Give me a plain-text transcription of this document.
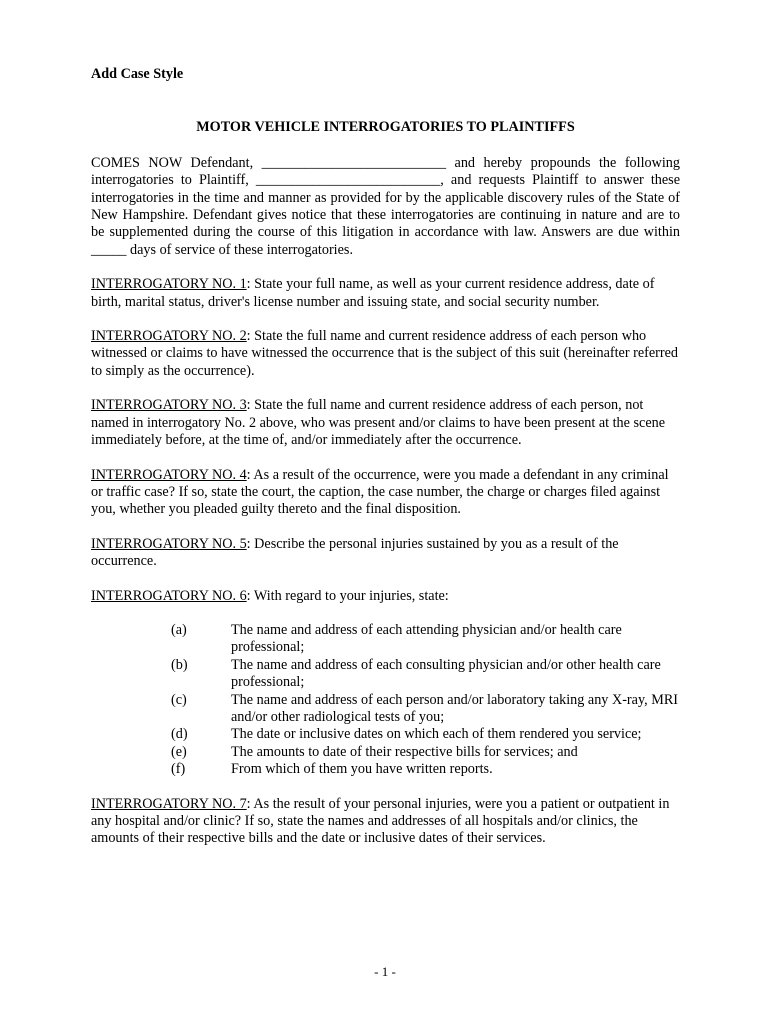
Add Case Style

MOTOR VEHICLE INTERROGATORIES TO PLAINTIFFS

COMES NOW Defendant, __________________________ and hereby propounds the following interrogatories to Plaintiff, __________________________, and requests Plaintiff to answer these interrogatories in the time and manner as provided for by the applicable discovery rules of the State of New Hampshire. Defendant gives notice that these interrogatories are continuing in nature and are to be supplemented during the course of this litigation in accordance with law. Answers are due within _____ days of service of these interrogatories.

INTERROGATORY NO. 1: State your full name, as well as your current residence address, date of birth, marital status, driver's license number and issuing state, and social security number.

INTERROGATORY NO. 2: State the full name and current residence address of each person who witnessed or claims to have witnessed the occurrence that is the subject of this suit (hereinafter referred to simply as the occurrence).

INTERROGATORY NO. 3: State the full name and current residence address of each person, not named in interrogatory No. 2 above, who was present and/or claims to have been present at the scene immediately before, at the time of, and/or immediately after the occurrence.

INTERROGATORY NO. 4: As a result of the occurrence, were you made a defendant in any criminal or traffic case? If so, state the court, the caption, the case number, the charge or charges filed against you, whether you pleaded guilty thereto and the final disposition.

INTERROGATORY NO. 5: Describe the personal injuries sustained by you as a result of the occurrence.

INTERROGATORY NO. 6: With regard to your injuries, state:

(a)	The name and address of each attending physician and/or health care professional;
(b)	The name and address of each consulting physician and/or other health care professional;
(c)	The name and address of each person and/or laboratory taking any X-ray, MRI and/or other radiological tests of you;
(d)	The date or inclusive dates on which each of them rendered you service;
(e)	The amounts to date of their respective bills for services; and
(f)	From which of them you have written reports.

INTERROGATORY NO. 7: As the result of your personal injuries, were you a patient or outpatient in any hospital and/or clinic? If so, state the names and addresses of all hospitals and/or clinics, the amounts of their respective bills and the date or inclusive dates of their services.

- 1 -
